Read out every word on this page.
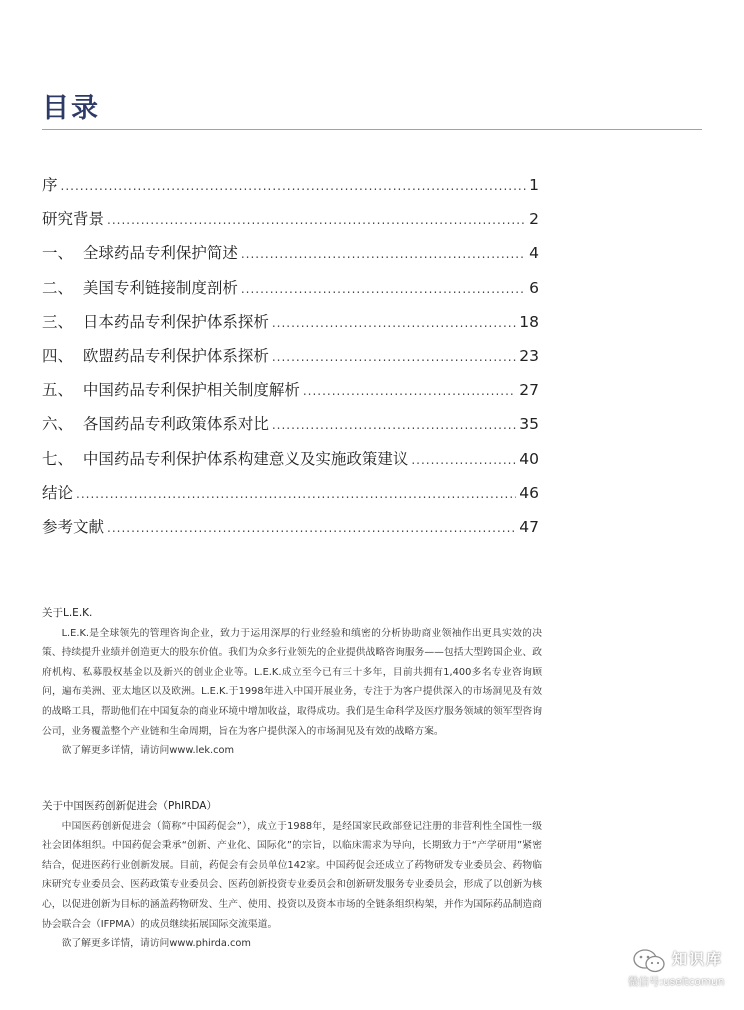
目录
序 .....	1
研究背景 .....	2
一、  全球药品专利保护简述 .....	4
二、  美国专利链接制度剖析 .....	6
三、  日本药品专利保护体系探析 .....	18
四、  欧盟药品专利保护体系探析 .....	23
五、  中国药品专利保护相关制度解析 .....	27
六、  各国药品专利政策体系对比 .....	35
七、  中国药品专利保护体系构建意义及实施政策建议 .....	40
结论 .....	46
参考文献 .....	47
关于L.E.K.
L.E.K.是全球领先的管理咨询企业，致力于运用深厚的行业经验和缜密的分析协助商业领袖作出更具实效的决策、持续提升业绩并创造更大的股东价值。我们为众多行业领先的企业提供战略咨询服务——包括大型跨国企业、政府机构、私募股权基金以及新兴的创业企业等。L.E.K.成立至今已有三十多年，目前共拥有1,400多名专业咨询顾问，遍布美洲、亚太地区以及欧洲。L.E.K.于1998年进入中国开展业务，专注于为客户提供深入的市场洞见及有效的战略工具，帮助他们在中国复杂的商业环境中增加收益，取得成功。我们是生命科学及医疗服务领域的领军型咨询公司，业务覆盖整个产业链和生命周期，旨在为客户提供深入的市场洞见及有效的战略方案。
欲了解更多详情，请访问www.lek.com
关于中国医药创新促进会（PhIRDA）
中国医药创新促进会（简称“中国药促会”），成立于1988年，是经国家民政部登记注册的非营利性全国性一级社会团体组织。中国药促会秉承“创新、产业化、国际化”的宗旨，以临床需求为导向，长期致力于“产学研用”紧密结合，促进医药行业创新发展。目前，药促会有会员单位142家。中国药促会还成立了药物研发专业委员会、药物临床研究专业委员会、医药政策专业委员会、医药创新投资专业委员会和创新研发服务专业委员会，形成了以创新为核心，以促进创新为目标的涵盖药物研发、生产、使用、投资以及资本市场的全链条组织构架，并作为国际药品制造商协会联合会（IFPMA）的成员继续拓展国际交流渠道。
欲了解更多详情，请访问www.phirda.com
知识库
微信号:useitcomun
